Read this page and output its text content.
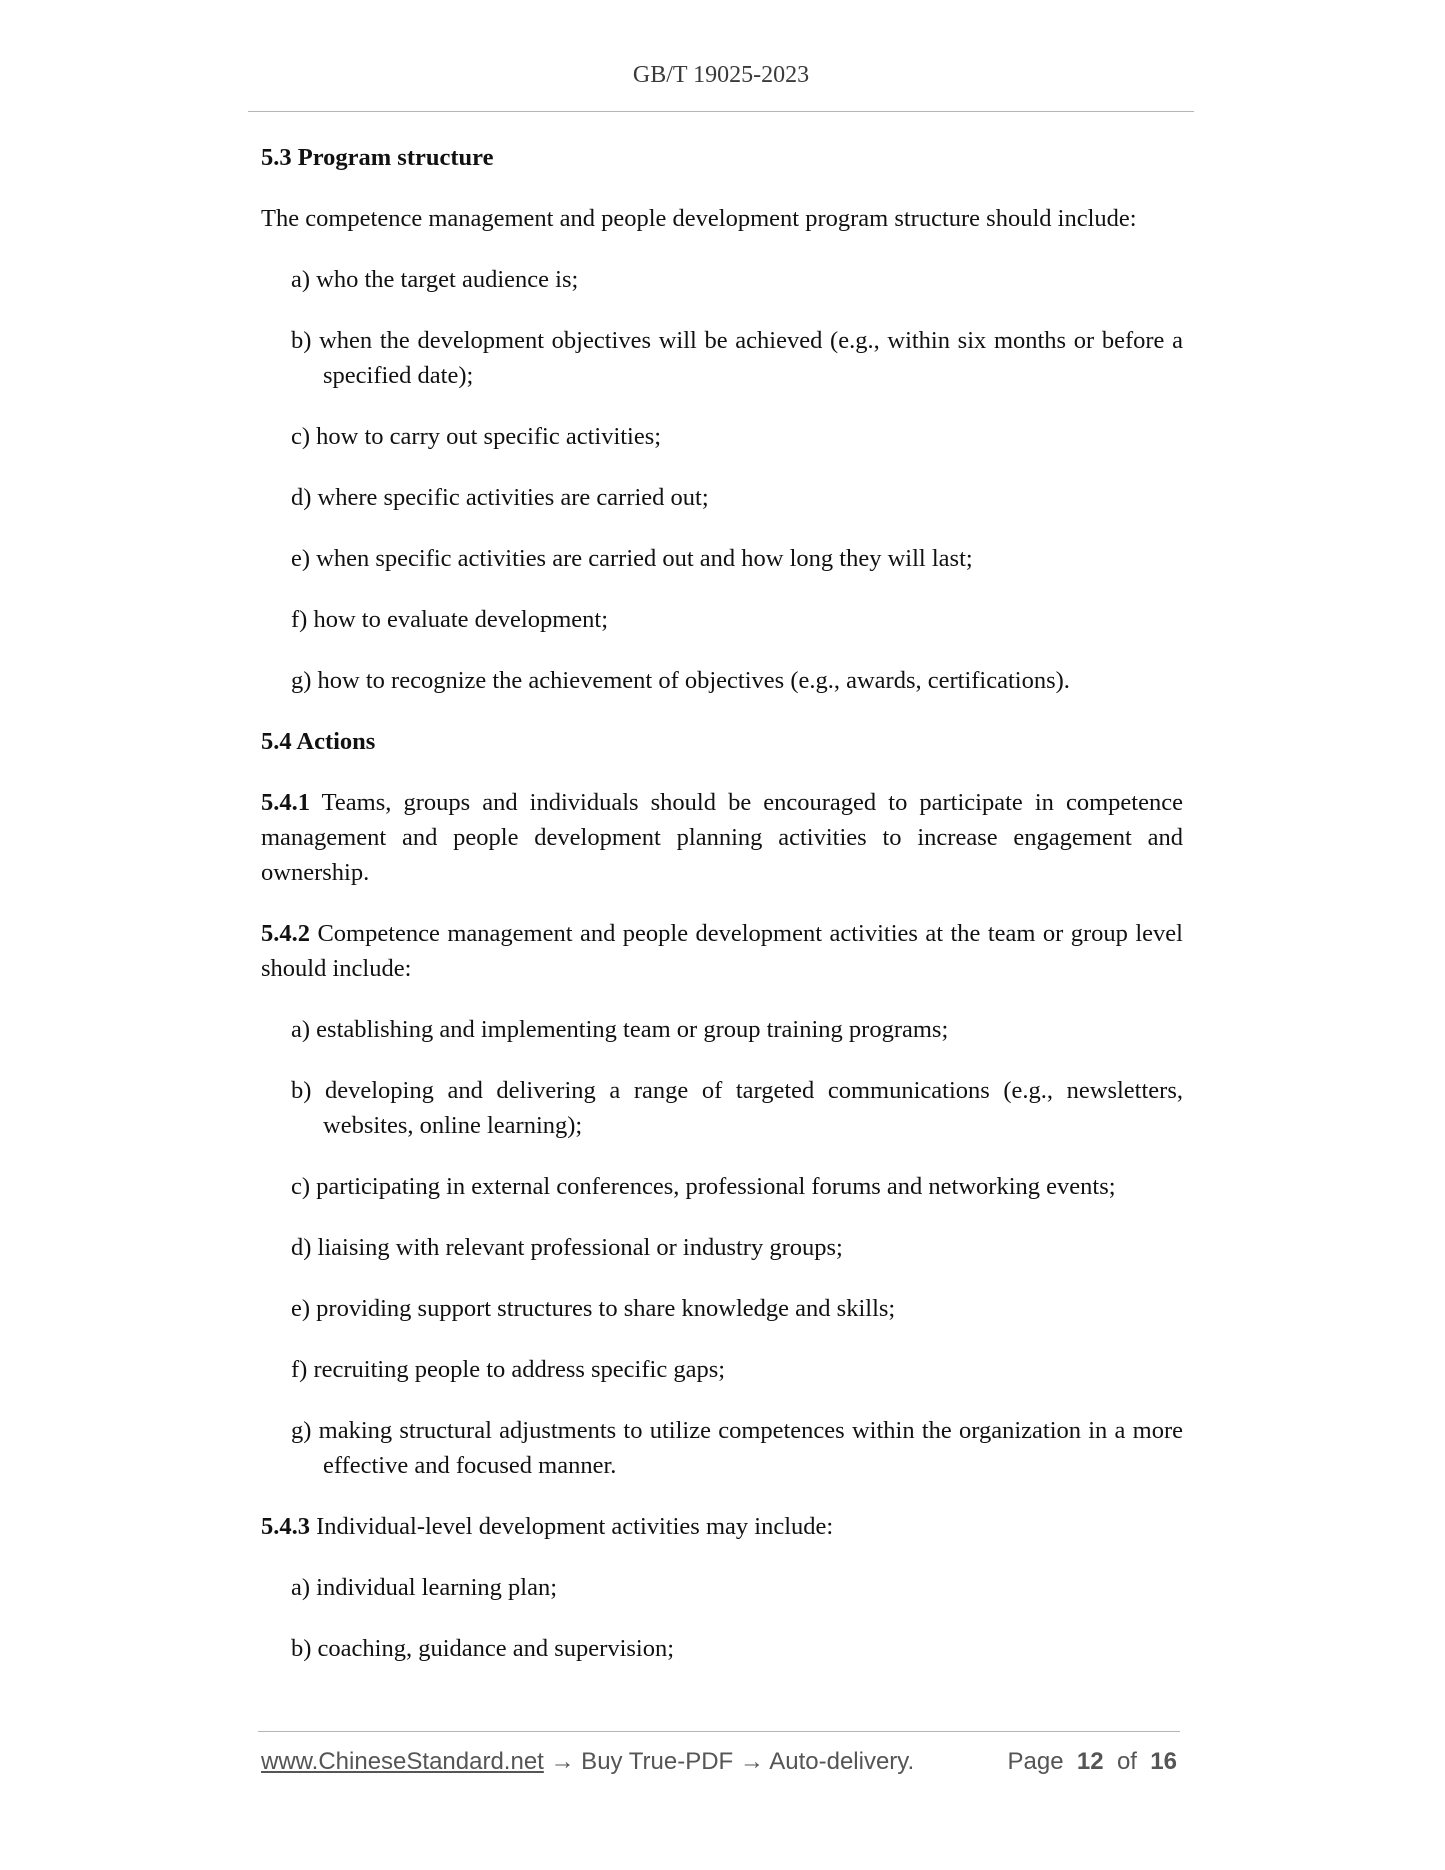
GB/T 19025-2023
5.3 Program structure

The competence management and people development program structure should include:

a) who the target audience is;
b) when the development objectives will be achieved (e.g., within six months or before a specified date);
c) how to carry out specific activities;
d) where specific activities are carried out;
e) when specific activities are carried out and how long they will last;
f) how to evaluate development;
g) how to recognize the achievement of objectives (e.g., awards, certifications).
5.4 Actions

5.4.1 Teams, groups and individuals should be encouraged to participate in competence management and people development planning activities to increase engagement and ownership.

5.4.2 Competence management and people development activities at the team or group level should include:

a) establishing and implementing team or group training programs;
b) developing and delivering a range of targeted communications (e.g., newsletters, websites, online learning);
c) participating in external conferences, professional forums and networking events;
d) liaising with relevant professional or industry groups;
e) providing support structures to share knowledge and skills;
f) recruiting people to address specific gaps;
g) making structural adjustments to utilize competences within the organization in a more effective and focused manner.

5.4.3 Individual-level development activities may include:

a) individual learning plan;
b) coaching, guidance and supervision;
www.ChineseStandard.net → Buy True-PDF → Auto-delivery.	Page 12 of 16
